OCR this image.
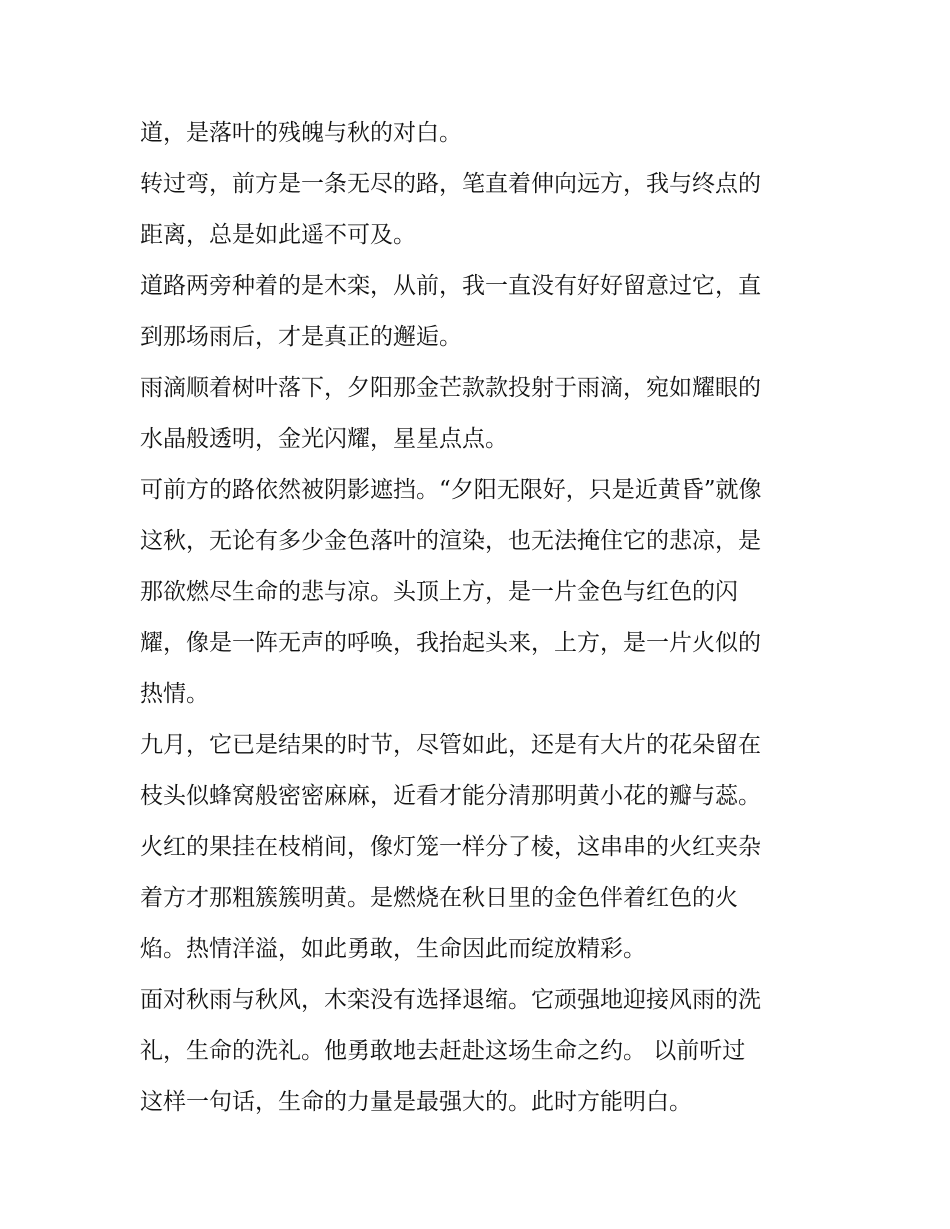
道，是落叶的残魄与秋的对白。
转过弯，前方是一条无尽的路，笔直着伸向远方，我与终点的
距离，总是如此遥不可及。
道路两旁种着的是木栾，从前，我一直没有好好留意过它，直
到那场雨后，才是真正的邂逅。
雨滴顺着树叶落下，夕阳那金芒款款投射于雨滴，宛如耀眼的
水晶般透明，金光闪耀，星星点点。
可前方的路依然被阴影遮挡。“夕阳无限好，只是近黄昏”就像
这秋，无论有多少金色落叶的渲染，也无法掩住它的悲凉，是
那欲燃尽生命的悲与凉。头顶上方，是一片金色与红色的闪
耀，像是一阵无声的呼唤，我抬起头来，上方，是一片火似的
热情。
九月，它已是结果的时节，尽管如此，还是有大片的花朵留在
枝头似蜂窝般密密麻麻，近看才能分清那明黄小花的瓣与蕊。
火红的果挂在枝梢间，像灯笼一样分了棱，这串串的火红夹杂
着方才那粗簇簇明黄。是燃烧在秋日里的金色伴着红色的火
焰。热情洋溢，如此勇敢，生命因此而绽放精彩。
面对秋雨与秋风，木栾没有选择退缩。它顽强地迎接风雨的洗
礼，生命的洗礼。他勇敢地去赶赴这场生命之约。 以前听过
这样一句话，生命的力量是最强大的。此时方能明白。
